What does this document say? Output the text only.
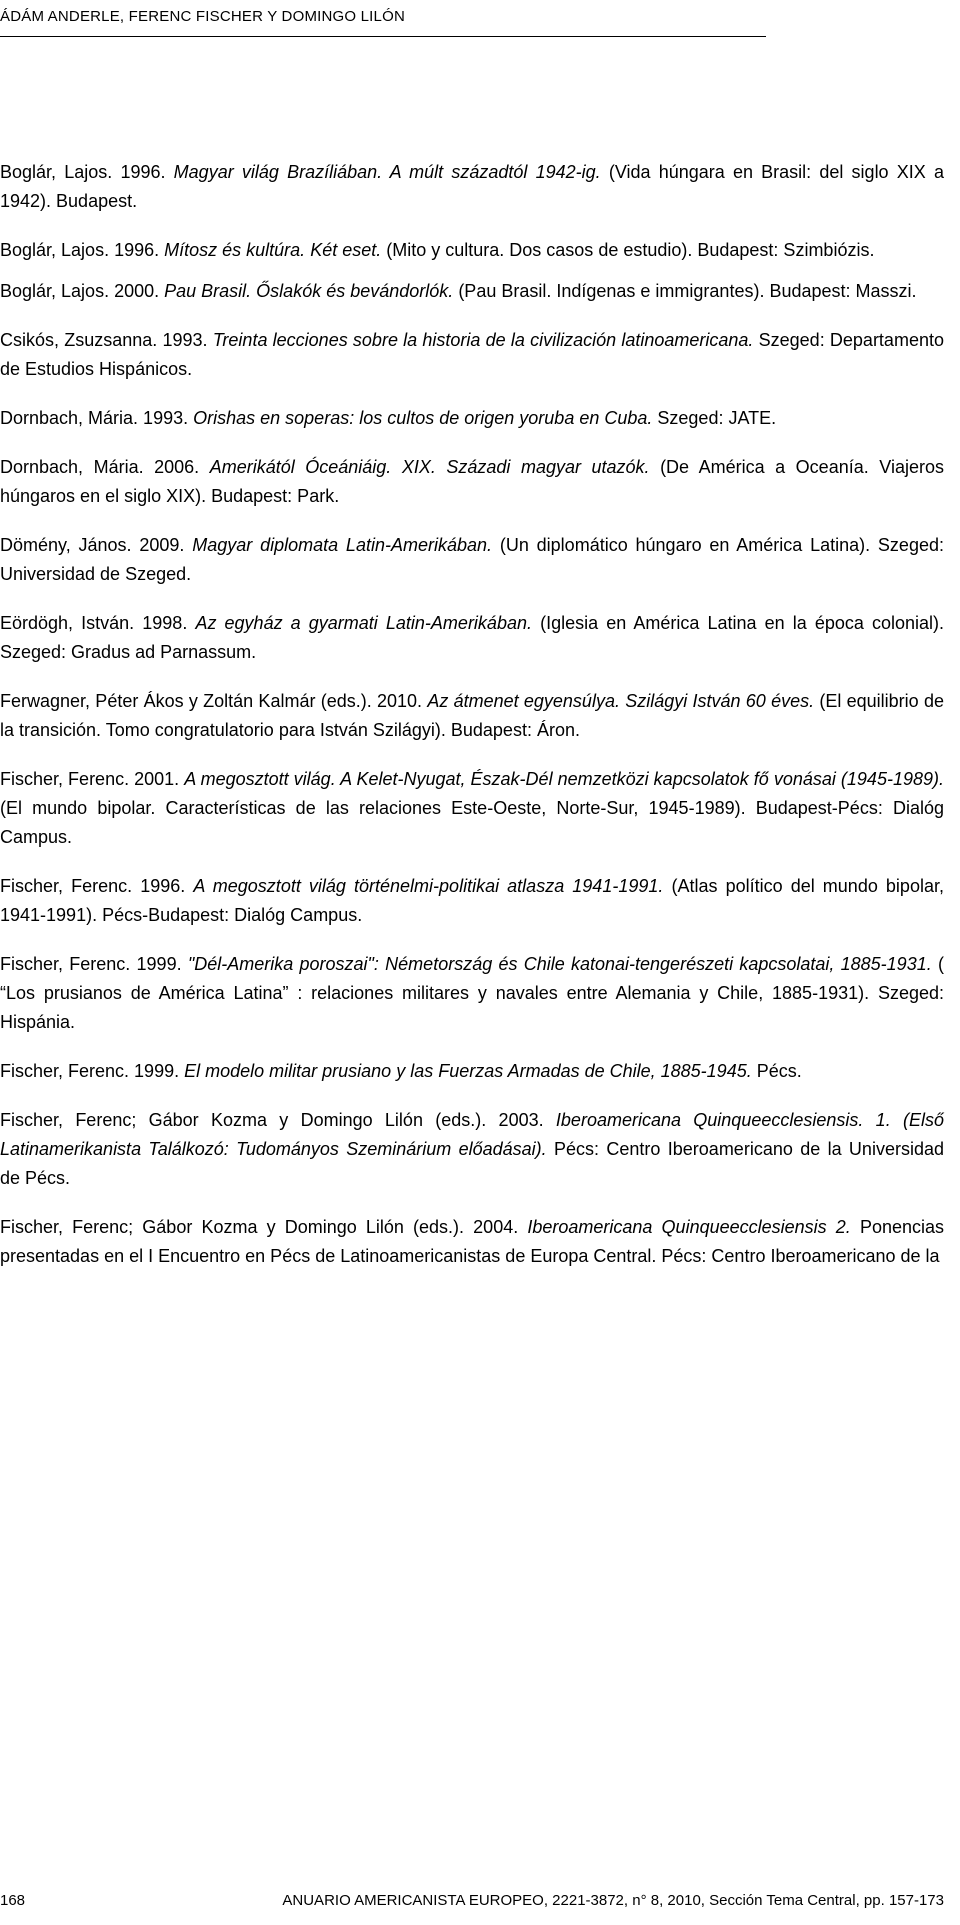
ÁDÁM ANDERLE, FERENC FISCHER Y DOMINGO LILÓN

Boglár, Lajos. 1996. Magyar világ Brazíliában. A múlt századtól 1942-ig. (Vida húngara en Brasil: del siglo XIX a 1942). Budapest.

Boglár, Lajos. 1996. Mítosz és kultúra. Két eset. (Mito y cultura. Dos casos de estudio). Budapest: Szimbiózis.

Boglár, Lajos. 2000. Pau Brasil. Őslakók és bevándorlók. (Pau Brasil. Indígenas e immigrantes). Budapest: Masszi.

Csikós, Zsuzsanna. 1993. Treinta lecciones sobre la historia de la civilización latinoamericana. Szeged: Departamento de Estudios Hispánicos.

Dornbach, Mária. 1993. Orishas en soperas: los cultos de origen yoruba en Cuba. Szeged: JATE.

Dornbach, Mária. 2006. Amerikától Óceániáig. XIX. Századi magyar utazók. (De América a Oceanía. Viajeros húngaros en el siglo XIX). Budapest: Park.

Dömény, János. 2009. Magyar diplomata Latin-Amerikában. (Un diplomático húngaro en América Latina). Szeged: Universidad de Szeged.

Eördögh, István. 1998. Az egyház a gyarmati Latin-Amerikában. (Iglesia en América Latina en la época colonial). Szeged: Gradus ad Parnassum.

Ferwagner, Péter Ákos y Zoltán Kalmár (eds.). 2010. Az átmenet egyensúlya. Szilágyi István 60 éves. (El equilibrio de la transición. Tomo congratulatorio para István Szilágyi). Budapest: Áron.

Fischer, Ferenc. 2001. A megosztott világ. A Kelet-Nyugat, Észak-Dél nemzetközi kapcsolatok fő vonásai (1945-1989). (El mundo bipolar. Características de las relaciones Este-Oeste, Norte-Sur, 1945-1989). Budapest-Pécs: Dialóg Campus.

Fischer, Ferenc. 1996. A megosztott világ történelmi-politikai atlasza 1941-1991. (Atlas político del mundo bipolar, 1941-1991). Pécs-Budapest: Dialóg Campus.

Fischer, Ferenc. 1999. "Dél-Amerika poroszai": Németország és Chile katonai-tengerészeti kapcsolatai, 1885-1931. ( “Los prusianos de América Latina” : relaciones militares y navales entre Alemania y Chile, 1885-1931). Szeged: Hispánia.

Fischer, Ferenc. 1999. El modelo militar prusiano y las Fuerzas Armadas de Chile, 1885-1945. Pécs.

Fischer, Ferenc; Gábor Kozma y Domingo Lilón (eds.). 2003. Iberoamericana Quinqueecclesiensis. 1. (Első Latinamerikanista Találkozó: Tudományos Szeminárium előadásai). Pécs: Centro Iberoamericano de la Universidad de Pécs.

Fischer, Ferenc; Gábor Kozma y Domingo Lilón (eds.). 2004. Iberoamericana Quinqueecclesiensis 2. Ponencias presentadas en el I Encuentro en Pécs de Latinoamericanistas de Europa Central. Pécs: Centro Iberoamericano de la

168	ANUARIO AMERICANISTA EUROPEO, 2221-3872, n° 8, 2010, Sección Tema Central, pp. 157-173
